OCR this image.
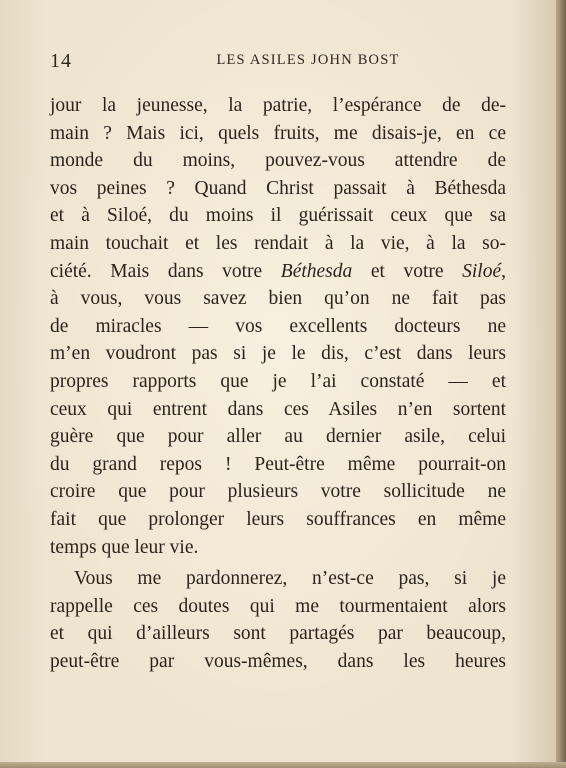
14	LES ASILES JOHN BOST
jour la jeunesse, la patrie, l’espérance de de-
main ? Mais ici, quels fruits, me disais-je, en ce
monde du moins, pouvez-vous attendre de
vos peines ? Quand Christ passait à Béthesda
et à Siloé, du moins il guérissait ceux que sa
main touchait et les rendait à la vie, à la so-
ciété. Mais dans votre Béthesda et votre Siloé,
à vous, vous savez bien qu’on ne fait pas
de miracles — vos excellents docteurs ne
m’en voudront pas si je le dis, c’est dans leurs
propres rapports que je l’ai constaté — et
ceux qui entrent dans ces Asiles n’en sortent
guère que pour aller au dernier asile, celui
du grand repos ! Peut-être même pourrait-on
croire que pour plusieurs votre sollicitude ne
fait que prolonger leurs souffrances en même
temps que leur vie.
Vous me pardonnerez, n’est-ce pas, si je
rappelle ces doutes qui me tourmentaient alors
et qui d’ailleurs sont partagés par beaucoup,
peut-être par vous-mêmes, dans les heures
